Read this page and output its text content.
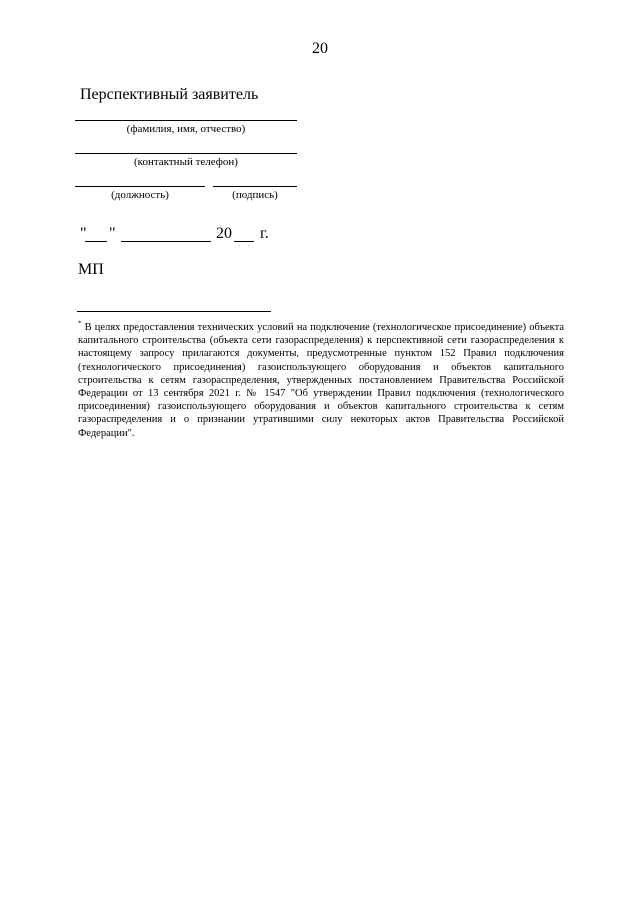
20
Перспективный заявитель
(фамилия, имя, отчество)
(контактный телефон)
(должность)	(подпись)
" "	20 г.
МП
* В целях предоставления технических условий на подключение (технологическое присоединение) объекта капитального строительства (объекта сети газораспределения) к перспективной сети газораспределения к настоящему запросу прилагаются документы, предусмотренные пунктом 152 Правил подключения (технологического присоединения) газоиспользующего оборудования и объектов капитального строительства к сетям газораспределения, утвержденных постановлением Правительства Российской Федерации от 13 сентября 2021 г. № 1547 "Об утверждении Правил подключения (технологического присоединения) газоиспользующего оборудования и объектов капитального строительства к сетям газораспределения и о признании утратившими силу некоторых актов Правительства Российской Федерации".
